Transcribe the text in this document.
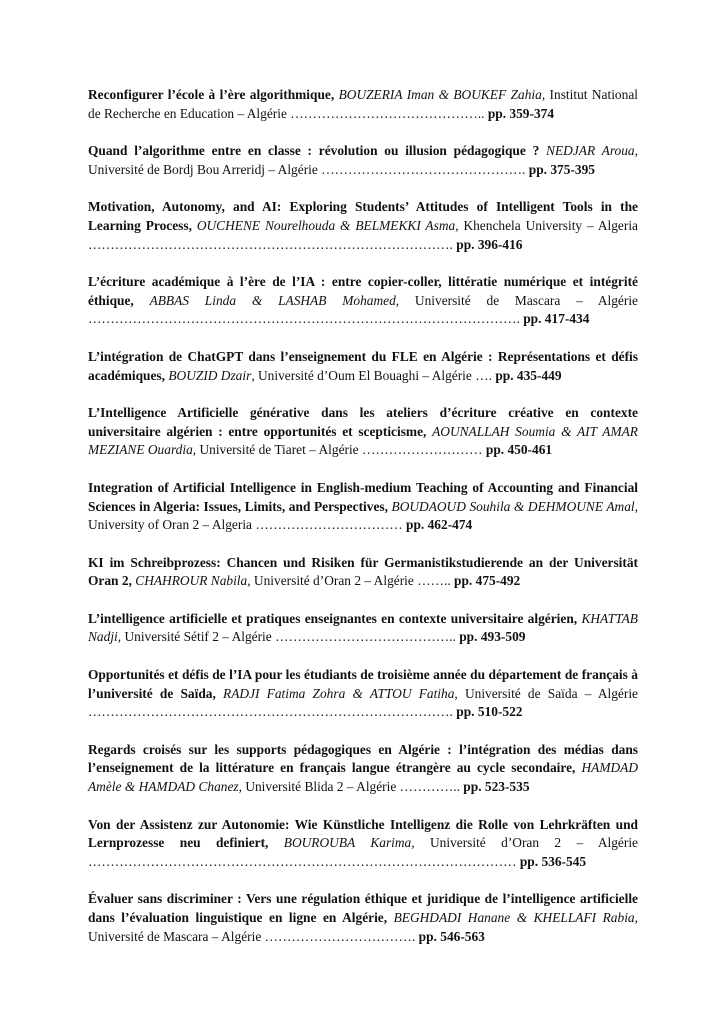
Reconfigurer l’école à l’ère algorithmique, BOUZERIA Iman & BOUKEF Zahia, Institut National de Recherche en Education – Algérie …………………………………….. pp. 359-374

Quand l’algorithme entre en classe : révolution ou illusion pédagogique ? NEDJAR Aroua, Université de Bordj Bou Arreridj – Algérie ………………………………………. pp. 375-395

Motivation, Autonomy, and AI: Exploring Students’ Attitudes of Intelligent Tools in the Learning Process, OUCHENE Nourelhouda & BELMEKKI Asma, Khenchela University – Algeria ………………………………………………………………………. pp. 396-416

L’écriture académique à l’ère de l’IA : entre copier-coller, littératie numérique et intégrité éthique, ABBAS Linda & LASHAB Mohamed, Université de Mascara – Algérie ……………………………………………………………………………………. pp. 417-434

L’intégration de ChatGPT dans l’enseignement du FLE en Algérie : Représentations et défis académiques, BOUZID Dzair, Université d’Oum El Bouaghi – Algérie …. pp. 435-449

L’Intelligence Artificielle générative dans les ateliers d’écriture créative en contexte universitaire algérien : entre opportunités et scepticisme, AOUNALLAH Soumia & AIT AMAR MEZIANE Ouardia, Université de Tiaret – Algérie ……………………… pp. 450-461

Integration of Artificial Intelligence in English-medium Teaching of Accounting and Financial Sciences in Algeria: Issues, Limits, and Perspectives, BOUDAOUD Souhila & DEHMOUNE Amal, University of Oran 2 – Algeria …………………………… pp. 462-474

KI im Schreibprozess: Chancen und Risiken für Germanistikstudierende an der Universität Oran 2, CHAHROUR Nabila, Université d’Oran 2 – Algérie …….. pp. 475-492

L’intelligence artificielle et pratiques enseignantes en contexte universitaire algérien, KHATTAB Nadji, Université Sétif 2 – Algérie ………………………………….. pp. 493-509

Opportunités et défis de l’IA pour les étudiants de troisième année du département de français à l’université de Saïda, RADJI Fatima Zohra & ATTOU Fatiha, Université de Saïda – Algérie ………………………………………………………………………. pp. 510-522

Regards croisés sur les supports pédagogiques en Algérie : l’intégration des médias dans l’enseignement de la littérature en français langue étrangère au cycle secondaire, HAMDAD Amèle & HAMDAD Chanez, Université Blida 2 – Algérie ………….. pp. 523-535

Von der Assistenz zur Autonomie: Wie Künstliche Intelligenz die Rolle von Lehrkräften und Lernprozesse neu definiert, BOUROUBA Karima, Université d’Oran 2 – Algérie …………………………………………………………………………………… pp. 536-545

Évaluer sans discriminer : Vers une régulation éthique et juridique de l’intelligence artificielle dans l’évaluation linguistique en ligne en Algérie, BEGHDADI Hanane & KHELLAFI Rabia, Université de Mascara – Algérie ……………………………. pp. 546-563
